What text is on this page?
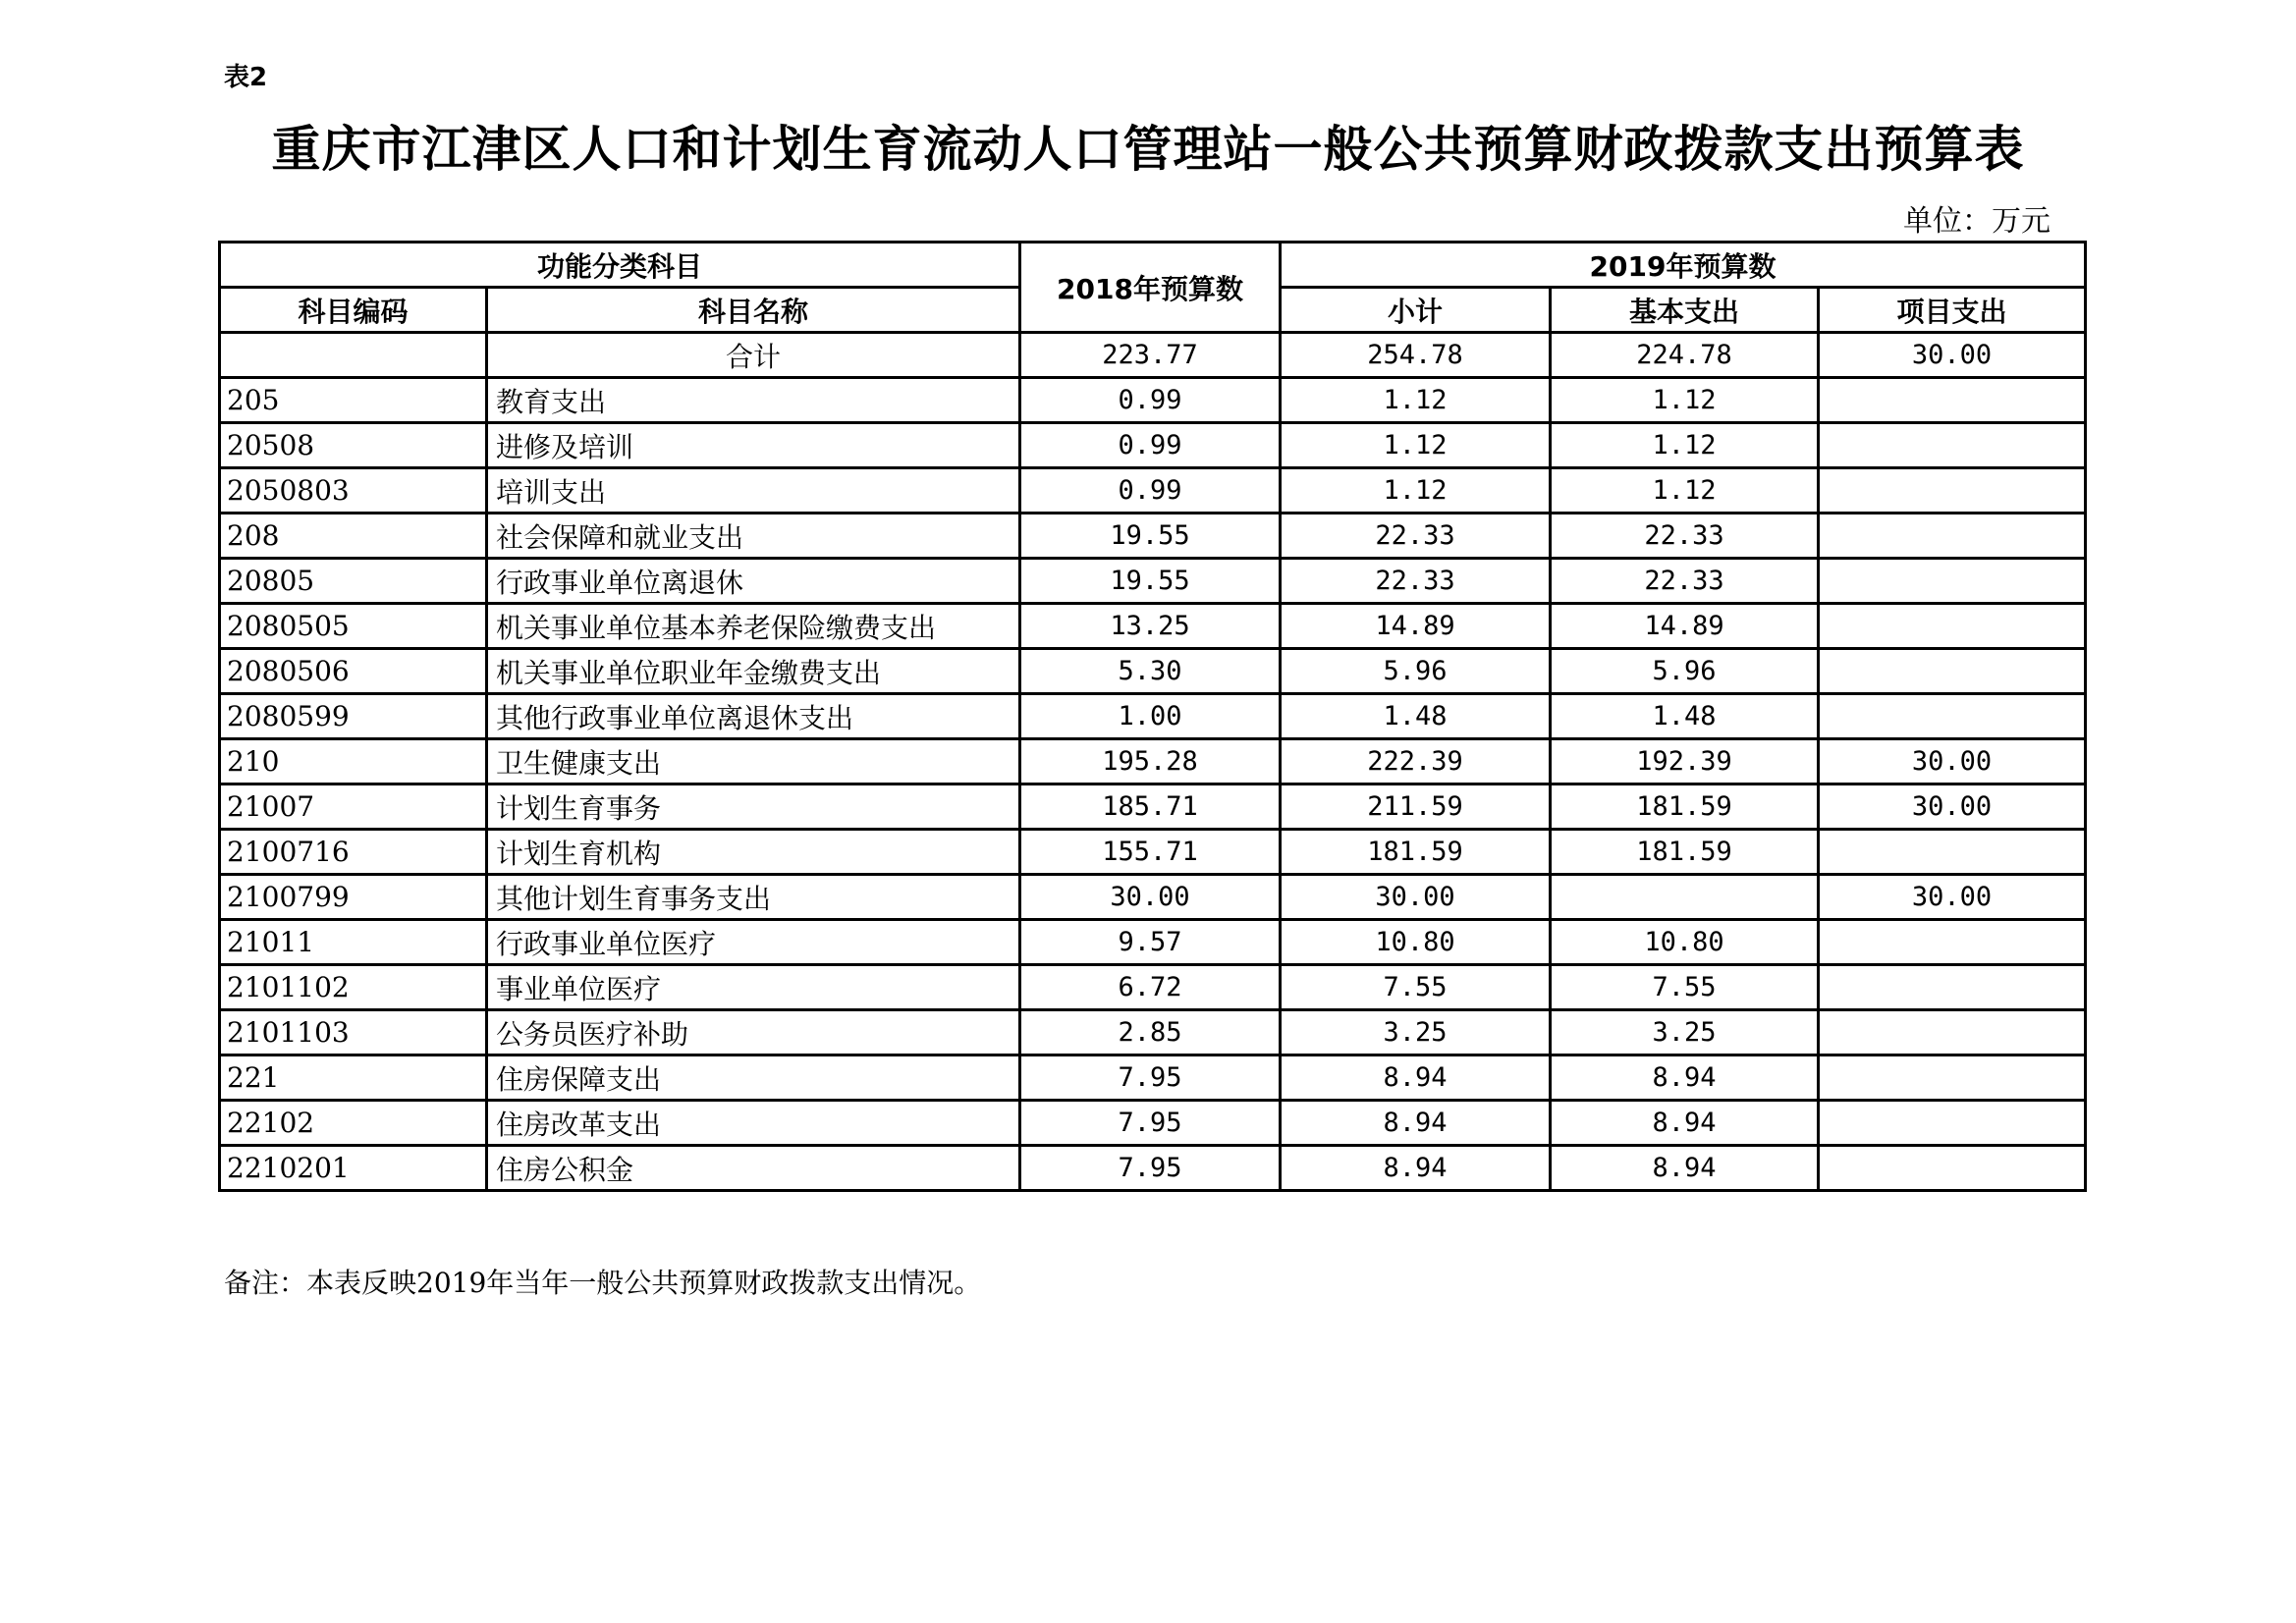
表2
重庆市江津区人口和计划生育流动人口管理站一般公共预算财政拨款支出预算表
单位：万元
功能分类科目		2018年预算数	2019年预算数		
科目编码	科目名称		小计	基本支出	项目支出
	合计	223.77	254.78	224.78	30.00
205	教育支出	0.99	1.12	1.12	
20508	进修及培训	0.99	1.12	1.12	
2050803	培训支出	0.99	1.12	1.12	
208	社会保障和就业支出	19.55	22.33	22.33	
20805	行政事业单位离退休	19.55	22.33	22.33	
2080505	机关事业单位基本养老保险缴费支出	13.25	14.89	14.89	
2080506	机关事业单位职业年金缴费支出	5.30	5.96	5.96	
2080599	其他行政事业单位离退休支出	1.00	1.48	1.48	
210	卫生健康支出	195.28	222.39	192.39	30.00
21007	计划生育事务	185.71	211.59	181.59	30.00
2100716	计划生育机构	155.71	181.59	181.59	
2100799	其他计划生育事务支出	30.00	30.00		30.00
21011	行政事业单位医疗	9.57	10.80	10.80	
2101102	事业单位医疗	6.72	7.55	7.55	
2101103	公务员医疗补助	2.85	3.25	3.25	
221	住房保障支出	7.95	8.94	8.94	
22102	住房改革支出	7.95	8.94	8.94	
2210201	住房公积金	7.95	8.94	8.94	
备注：本表反映2019年当年一般公共预算财政拨款支出情况。
